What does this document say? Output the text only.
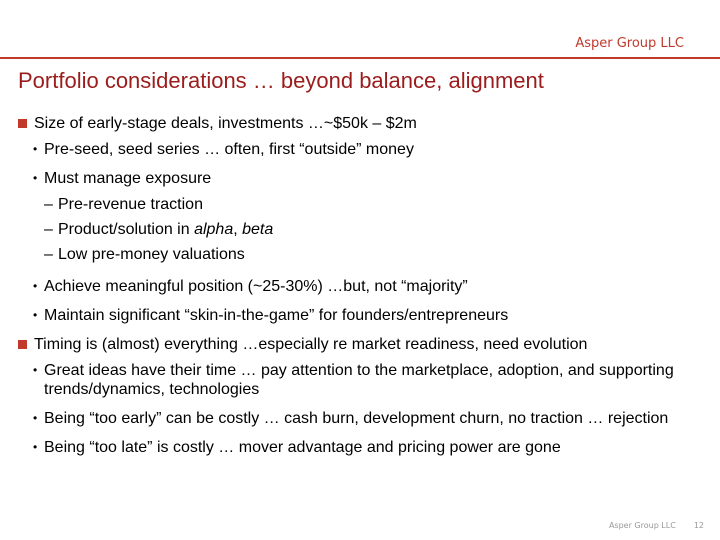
Asper Group LLC
Portfolio considerations … beyond balance, alignment
Size of early-stage deals, investments …~$50k – $2m
• Pre-seed, seed series … often, first “outside” money
• Must manage exposure
– Pre-revenue traction
– Product/solution in alpha, beta
– Low pre-money valuations
• Achieve meaningful position (~25-30%) …but, not “majority”
• Maintain significant “skin-in-the-game” for founders/entrepreneurs
Timing is (almost) everything …especially re market readiness, need evolution
• Great ideas have their time … pay attention to the marketplace, adoption, and supporting trends/dynamics, technologies
• Being “too early” can be costly … cash burn, development churn, no traction … rejection
• Being “too late” is costly … mover advantage and pricing power are gone
Asper Group LLC 12
